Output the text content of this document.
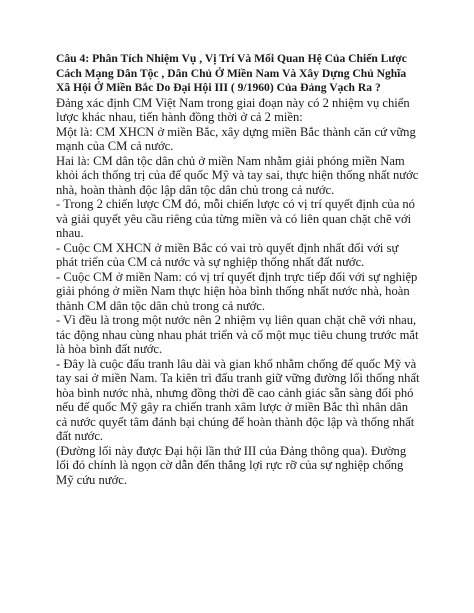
Câu 4: Phân Tích Nhiệm Vụ , Vị Trí Và Mối Quan Hệ Của Chiến Lược Cách Mạng Dân Tộc , Dân Chủ Ở Miền Nam Và Xây Dựng Chủ Nghĩa Xã Hội Ở Miền Bắc Do Đại Hội III ( 9/1960) Của Đảng Vạch Ra ?

Đảng xác định CM Việt Nam trong giai đoạn này có 2 nhiệm vụ chiến lược khác nhau, tiến hành đồng thời ở cả 2 miền:

Một là: CM XHCN ở miền Bắc, xây dựng miền Bắc thành căn cứ vững mạnh của CM cả nước.

Hai là: CM dân tộc dân chủ ở miền Nam nhằm giải phóng miền Nam khỏi ách thống trị của đế quốc Mỹ và tay sai, thực hiện thống nhất nước nhà, hoàn thành độc lập dân tộc dân chủ trong cả nước.

- Trong 2 chiến lược CM đó, mỗi chiến lược có vị trí quyết định của nó và giải quyết yêu cầu riêng của từng miền và có liên quan chặt chẽ với nhau.

- Cuộc CM XHCN ở miền Bắc có vai trò quyết định nhất đối với sự phát triển của CM cả nước và sự nghiệp thống nhất đất nước.

- Cuộc CM ở miền Nam: có vị trí quyết định trực tiếp đối với sự nghiệp giải phóng ở miền Nam thực hiện hòa bình thống nhất nước nhà, hoàn thành CM dân tộc dân chủ trong cả nước.

- Vì đều là trong một nước nên 2 nhiệm vụ liên quan chặt chẽ với nhau, tác động nhau cùng nhau phát triển và cố một mục tiêu chung trước mắt là hòa bình đất nước.

- Đây là cuộc đấu tranh lâu dài và gian khổ nhằm chống đế quốc Mỹ và tay sai ở miền Nam. Ta kiên trì đấu tranh giữ vững đường lối thống nhất hòa bình nước nhà, nhưng đồng thời đề cao cảnh giác sẵn sàng đối phó nếu đế quốc Mỹ gây ra chiến tranh xâm lược ở miền Bắc thì nhân dân cả nước quyết tâm đánh bại chúng để hoàn thành độc lập và thống nhất đất nước.

(Đường lối này được Đại hội lần thứ III của Đảng thông qua). Đường lối đó chính là ngọn cờ dẫn đến thắng lợi rực rỡ của sự nghiệp chống Mỹ cứu nước.
